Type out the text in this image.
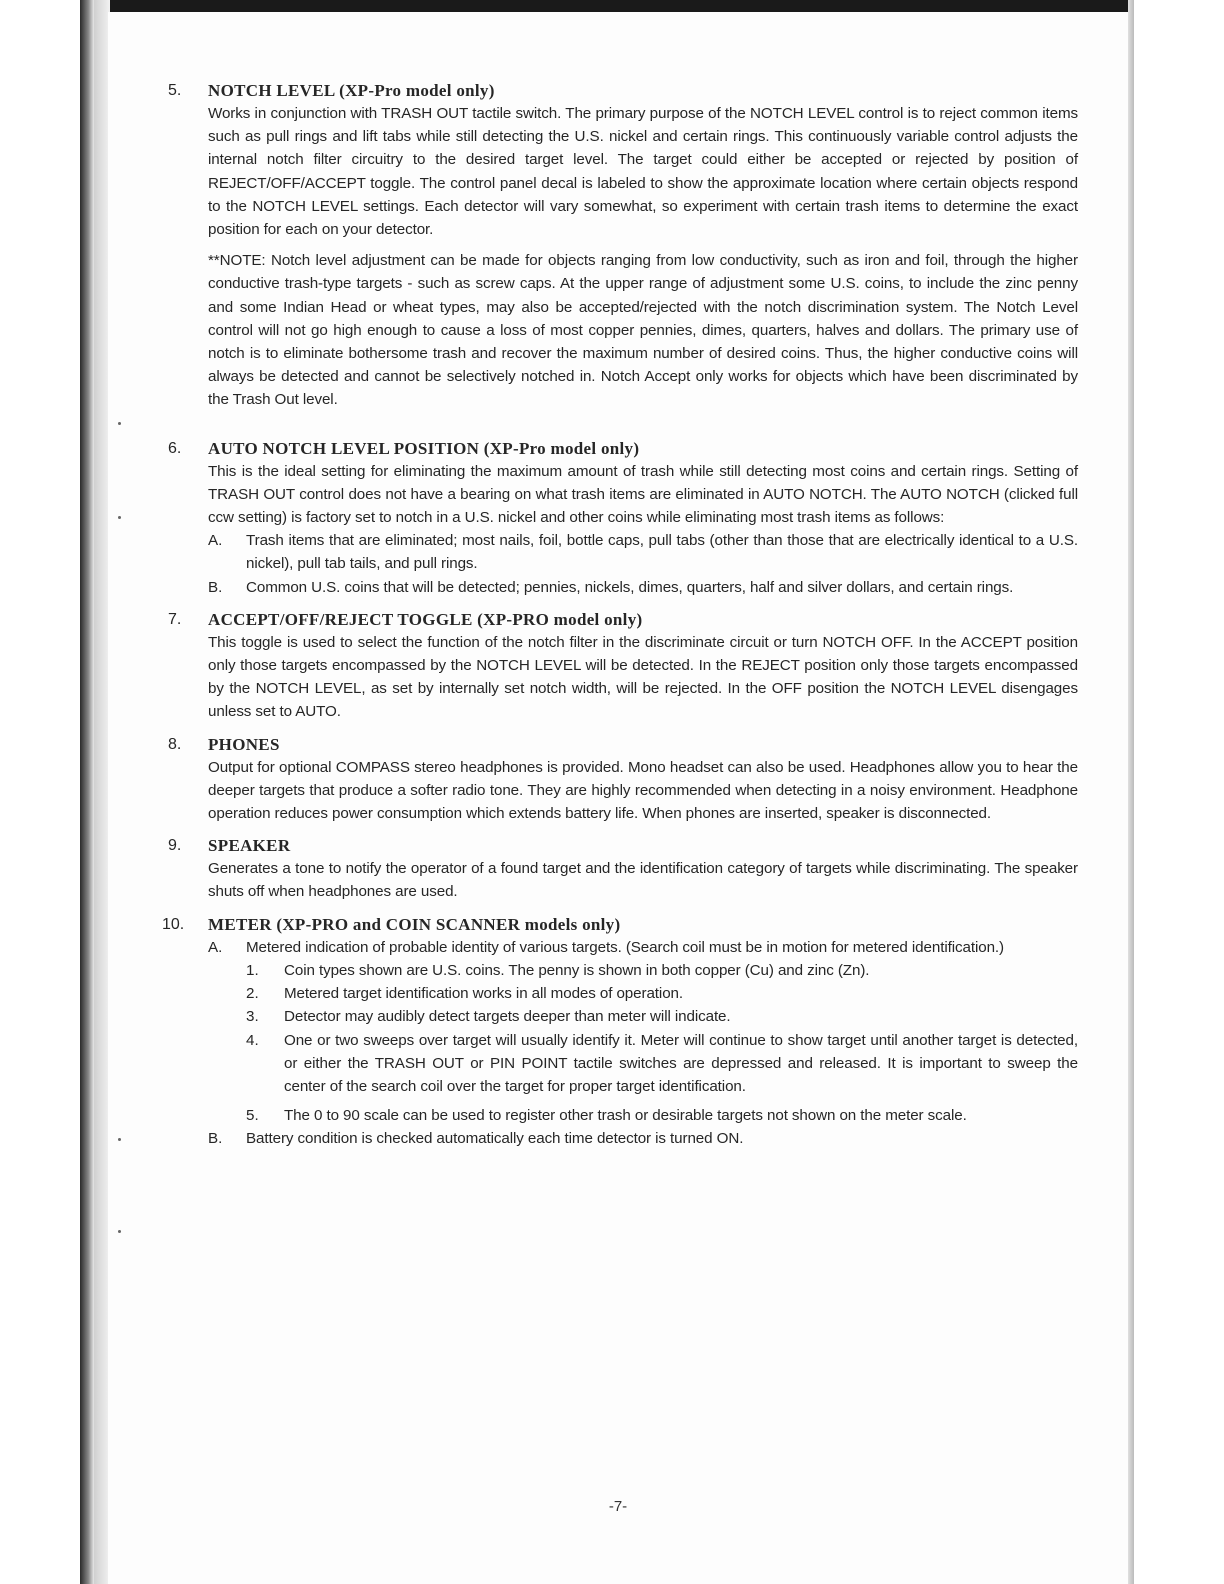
5.	NOTCH LEVEL (XP-Pro model only)

Works in conjunction with TRASH OUT tactile switch. The primary purpose of the NOTCH LEVEL control is to reject common items such as pull rings and lift tabs while still detecting the U.S. nickel and certain rings. This continuously variable control adjusts the internal notch filter circuitry to the desired target level. The target could either be accepted or rejected by position of REJECT/OFF/ACCEPT toggle. The control panel decal is labeled to show the approximate location where certain objects respond to the NOTCH LEVEL settings. Each detector will vary somewhat, so experiment with certain trash items to determine the exact position for each on your detector.

**NOTE: Notch level adjustment can be made for objects ranging from low conductivity, such as iron and foil, through the higher conductive trash-type targets - such as screw caps. At the upper range of adjustment some U.S. coins, to include the zinc penny and some Indian Head or wheat types, may also be accepted/rejected with the notch discrimination system. The Notch Level control will not go high enough to cause a loss of most copper pennies, dimes, quarters, halves and dollars. The primary use of notch is to eliminate bothersome trash and recover the maximum number of desired coins. Thus, the higher conductive coins will always be detected and cannot be selectively notched in. Notch Accept only works for objects which have been discriminated by the Trash Out level.

6.	AUTO NOTCH LEVEL POSITION (XP-Pro model only)

This is the ideal setting for eliminating the maximum amount of trash while still detecting most coins and certain rings. Setting of TRASH OUT control does not have a bearing on what trash items are eliminated in AUTO NOTCH. The AUTO NOTCH (clicked full ccw setting) is factory set to notch in a U.S. nickel and other coins while eliminating most trash items as follows:

A.	Trash items that are eliminated; most nails, foil, bottle caps, pull tabs (other than those that are electrically identical to a U.S. nickel), pull tab tails, and pull rings.
B.	Common U.S. coins that will be detected; pennies, nickels, dimes, quarters, half and silver dollars, and certain rings.
7.	ACCEPT/OFF/REJECT TOGGLE (XP-PRO model only)

This toggle is used to select the function of the notch filter in the discriminate circuit or turn NOTCH OFF. In the ACCEPT position only those targets encompassed by the NOTCH LEVEL will be detected. In the REJECT position only those targets encompassed by the NOTCH LEVEL, as set by internally set notch width, will be rejected. In the OFF position the NOTCH LEVEL disengages unless set to AUTO.

8.	PHONES

Output for optional COMPASS stereo headphones is provided. Mono headset can also be used. Headphones allow you to hear the deeper targets that produce a softer radio tone. They are highly recommended when detecting in a noisy environment. Headphone operation reduces power consumption which extends battery life. When phones are inserted, speaker is disconnected.

9.	SPEAKER

Generates a tone to notify the operator of a found target and the identification category of targets while discriminating. The speaker shuts off when headphones are used.

10.	METER (XP-PRO and COIN SCANNER models only)
A.	Metered indication of probable identity of various targets. (Search coil must be in motion for metered identification.)
1.	Coin types shown are U.S. coins. The penny is shown in both copper (Cu) and zinc (Zn).
2.	Metered target identification works in all modes of operation.
3.	Detector may audibly detect targets deeper than meter will indicate.
4.	One or two sweeps over target will usually identify it. Meter will continue to show target until another target is detected, or either the TRASH OUT or PIN POINT tactile switches are depressed and released. It is important to sweep the center of the search coil over the target for proper target identification.
5.	The 0 to 90 scale can be used to register other trash or desirable targets not shown on the meter scale.
B.	Battery condition is checked automatically each time detector is turned ON.
-7-
